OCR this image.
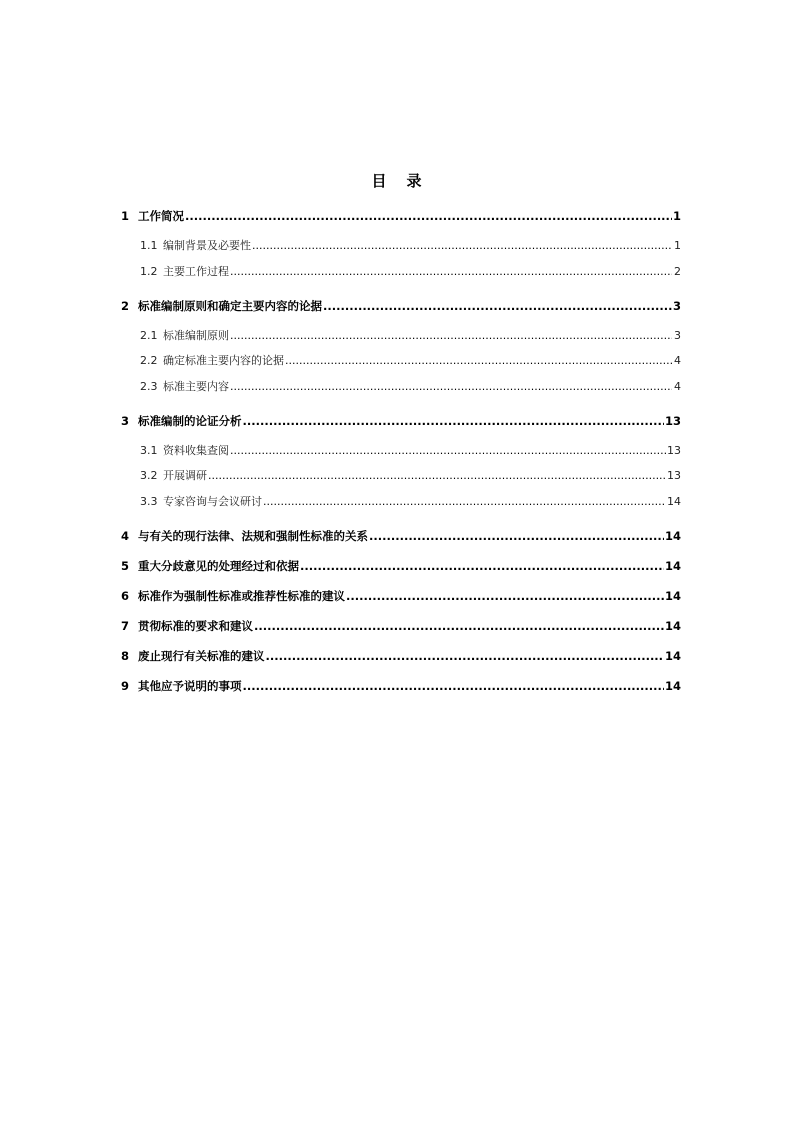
目 录
1 工作简况 .....	1
1.1 编制背景及必要性 .....	1
1.2 主要工作过程 .....	2
2 标准编制原则和确定主要内容的论据 .....	3
2.1 标准编制原则 .....	3
2.2 确定标准主要内容的论据 .....	4
2.3 标准主要内容 .....	4
3 标准编制的论证分析 .....	13
3.1 资料收集查阅 .....	13
3.2 开展调研 .....	13
3.3 专家咨询与会议研讨 .....	14
4 与有关的现行法律、法规和强制性标准的关系 .....	14
5 重大分歧意见的处理经过和依据 .....	14
6 标准作为强制性标准或推荐性标准的建议 .....	14
7 贯彻标准的要求和建议 .....	14
8 废止现行有关标准的建议 .....	14
9 其他应予说明的事项 .....	14
